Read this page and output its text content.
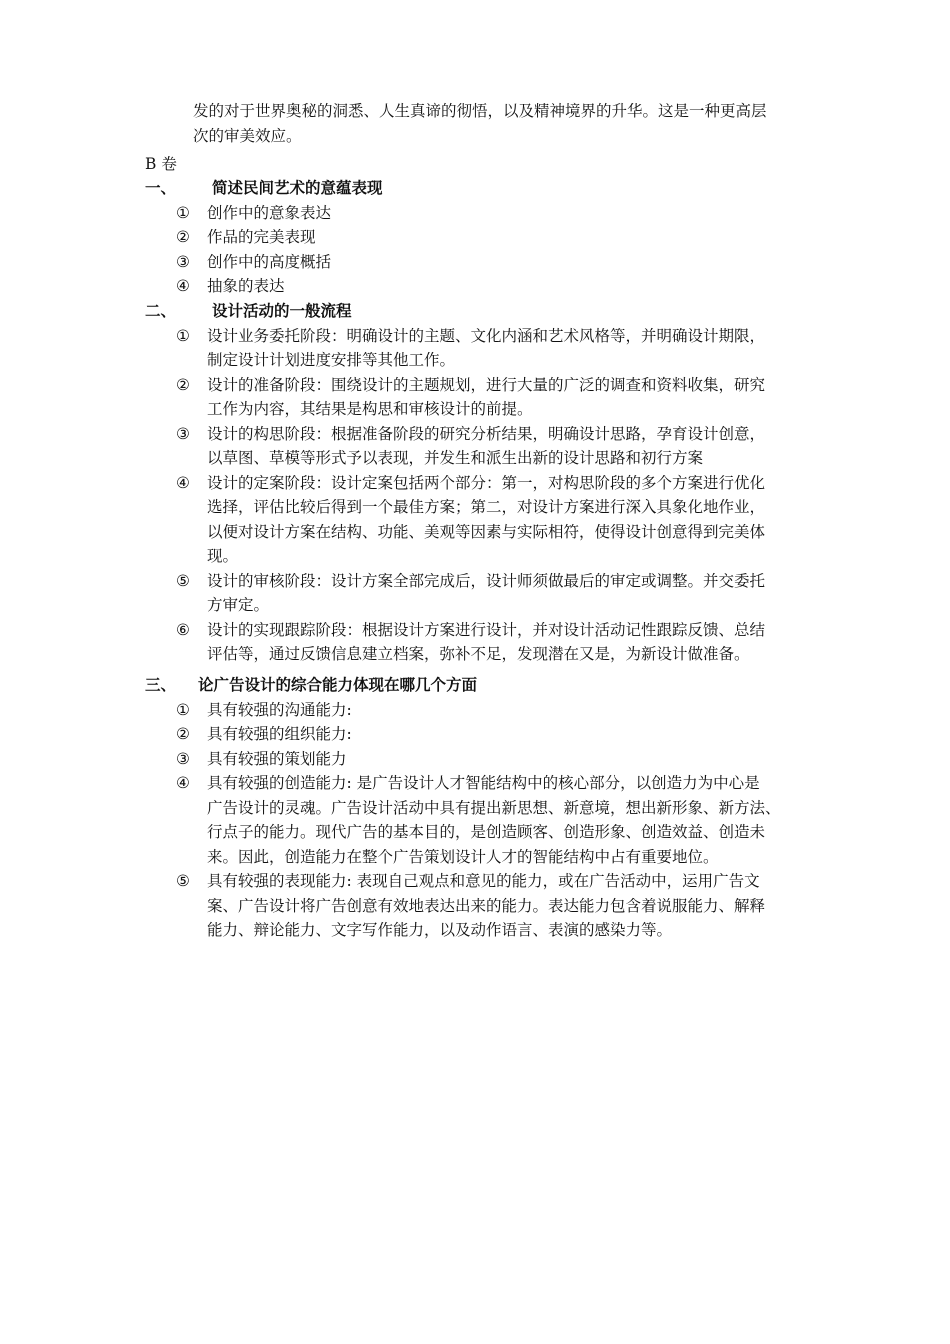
发的对于世界奥秘的洞悉、人生真谛的彻悟，以及精神境界的升华。这是一种更高层
次的审美效应。
B 卷
一、	简述民间艺术的意蕴表现
①	创作中的意象表达
②	作品的完美表现
③	创作中的高度概括
④	抽象的表达
二、	设计活动的一般流程
①	设计业务委托阶段：明确设计的主题、文化内涵和艺术风格等，并明确设计期限，
制定设计计划进度安排等其他工作。
②	设计的准备阶段：围绕设计的主题规划，进行大量的广泛的调查和资料收集，研究
工作为内容，其结果是构思和审核设计的前提。
③	设计的构思阶段：根据准备阶段的研究分析结果，明确设计思路，孕育设计创意，
以草图、草模等形式予以表现，并发生和派生出新的设计思路和初行方案
④	设计的定案阶段：设计定案包括两个部分：第一，对构思阶段的多个方案进行优化
选择，评估比较后得到一个最佳方案；第二，对设计方案进行深入具象化地作业，
以便对设计方案在结构、功能、美观等因素与实际相符，使得设计创意得到完美体
现。
⑤	设计的审核阶段：设计方案全部完成后，设计师须做最后的审定或调整。并交委托
方审定。
⑥	设计的实现跟踪阶段：根据设计方案进行设计，并对设计活动记性跟踪反馈、总结
评估等，通过反馈信息建立档案，弥补不足，发现潜在又是，为新设计做准备。
三、	论广告设计的综合能力体现在哪几个方面
①	具有较强的沟通能力:
②	具有较强的组织能力:
③	具有较强的策划能力
④	具有较强的创造能力: 是广告设计人才智能结构中的核心部分，以创造力为中心是
广告设计的灵魂。广告设计活动中具有提出新思想、新意境，想出新形象、新方法、
行点子的能力。现代广告的基本目的，是创造顾客、创造形象、创造效益、创造未
来。因此，创造能力在整个广告策划设计人才的智能结构中占有重要地位。
⑤	具有较强的表现能力: 表现自己观点和意见的能力，或在广告活动中，运用广告文
案、广告设计将广告创意有效地表达出来的能力。表达能力包含着说服能力、解释
能力、辩论能力、文字写作能力，以及动作语言、表演的感染力等。
